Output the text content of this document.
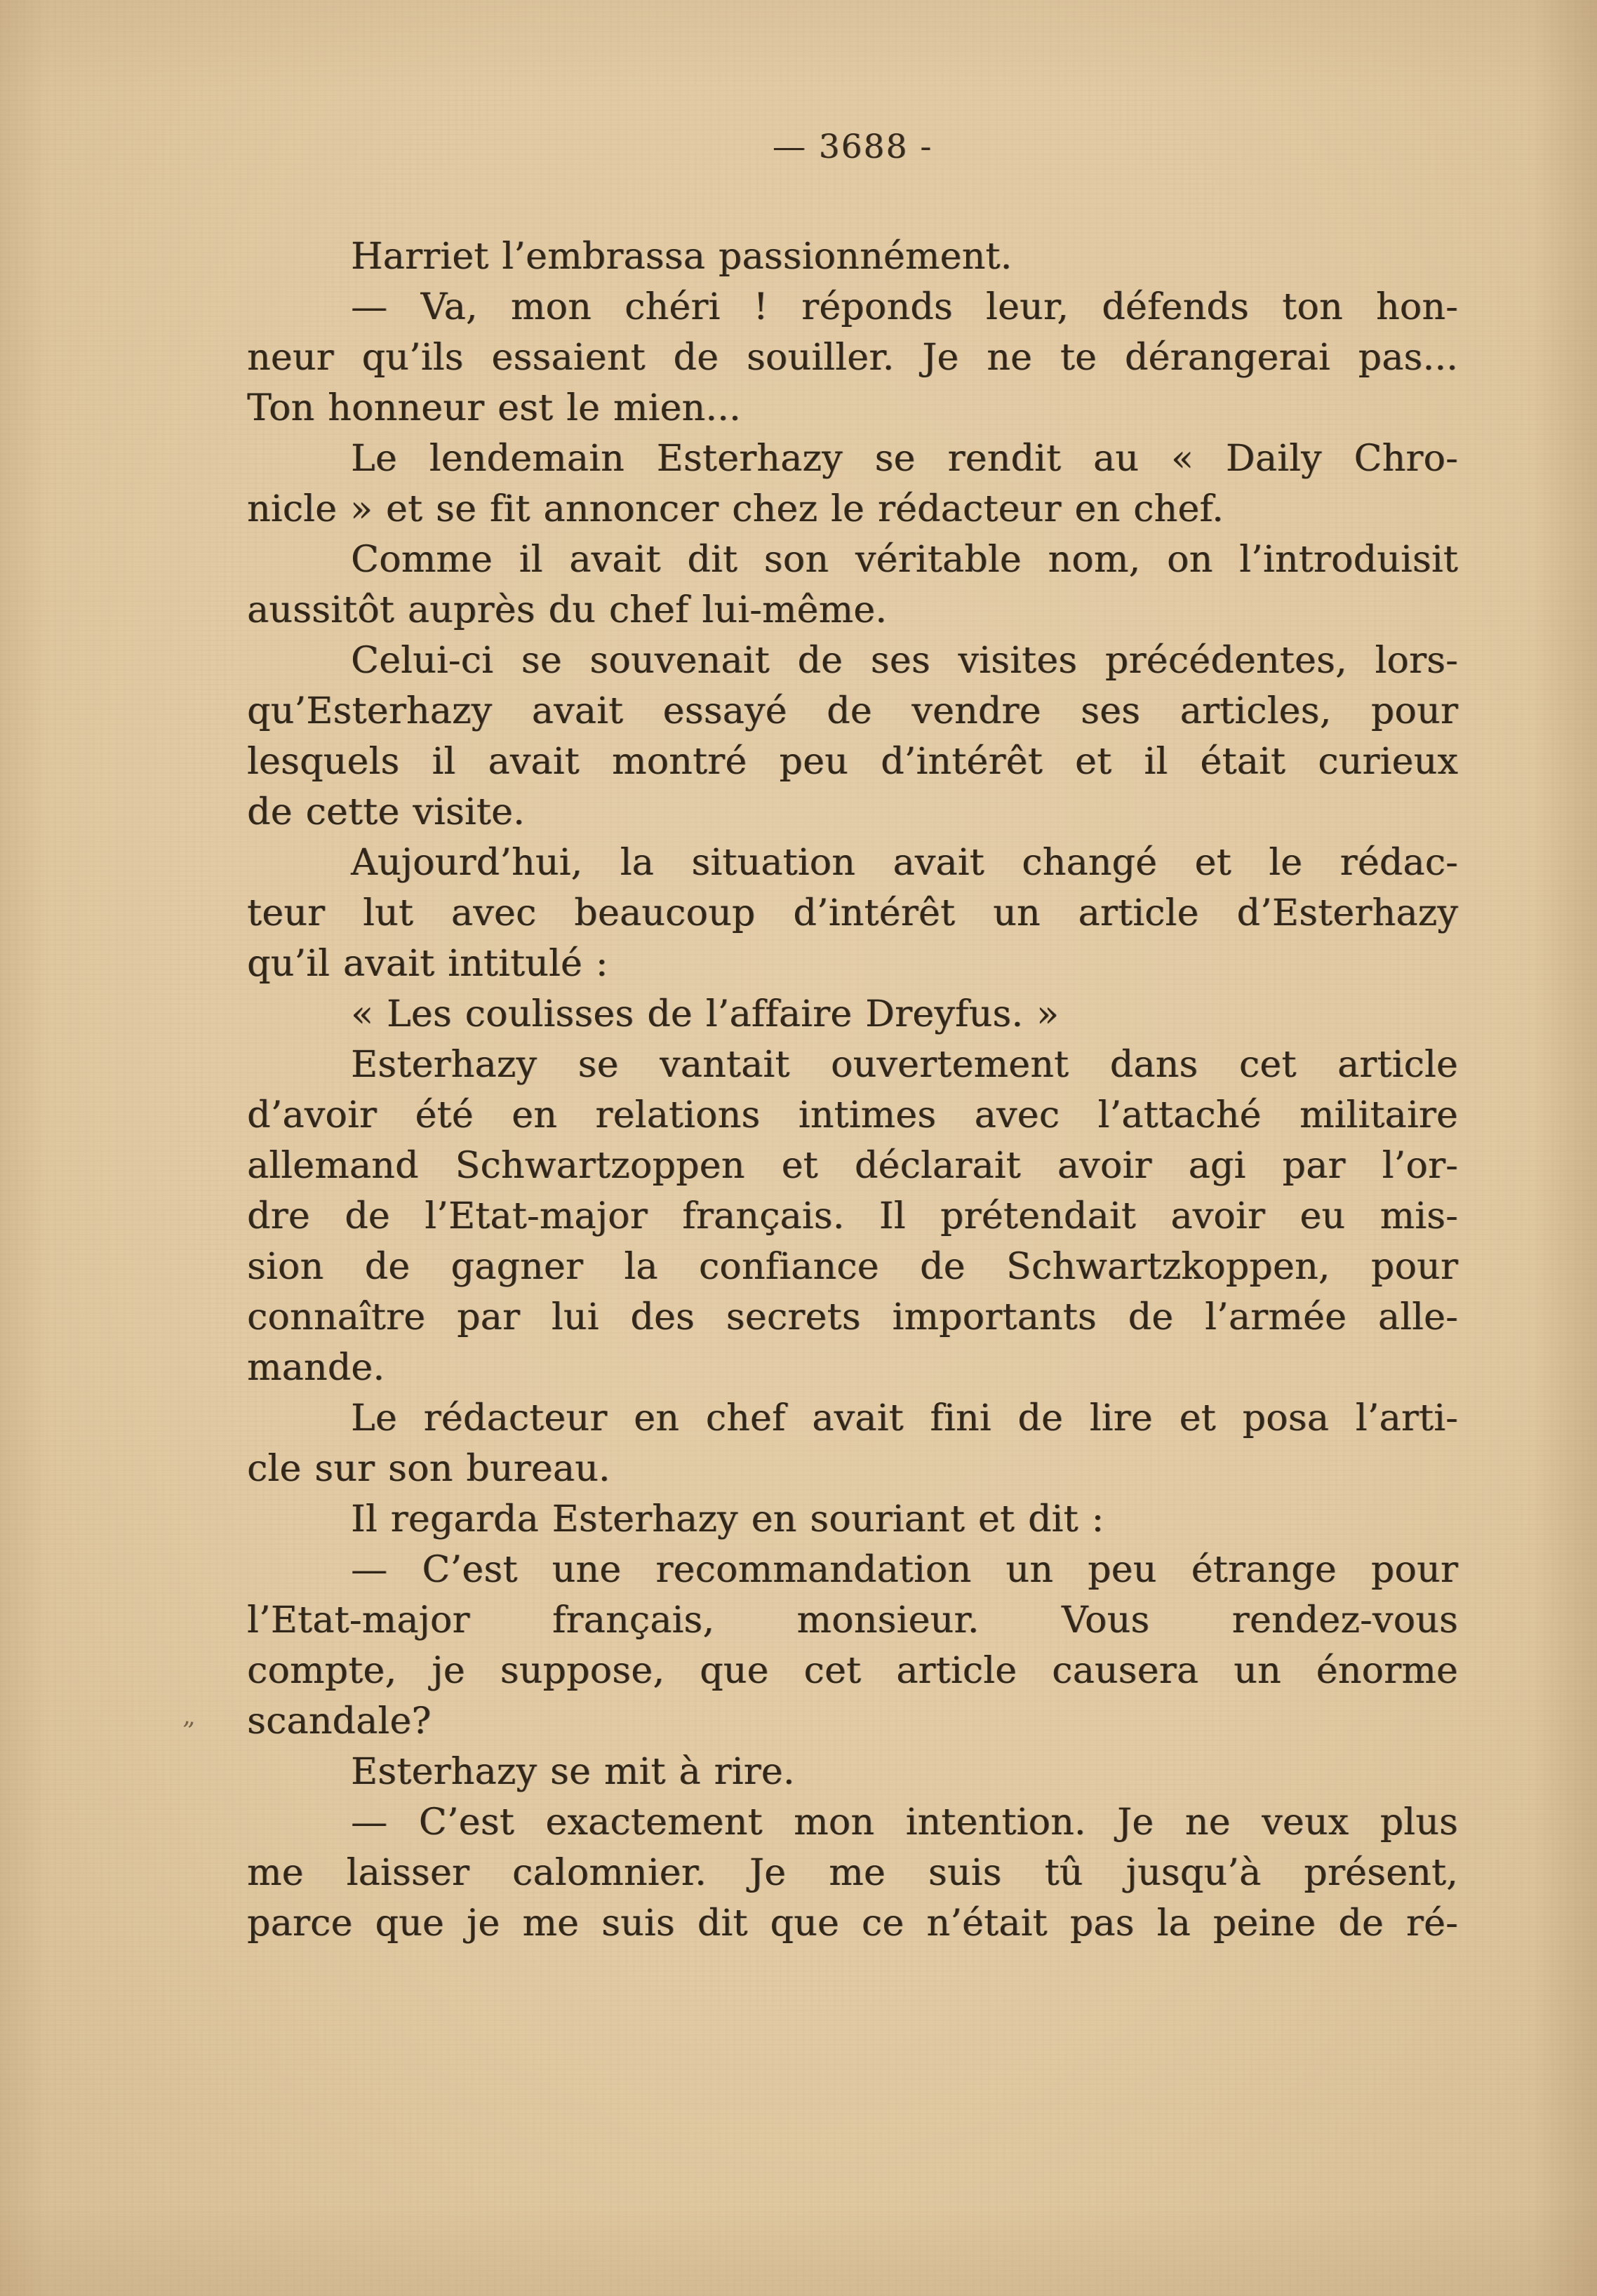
— 3688 -
”
Harriet l’embrassa passionnément.
— Va, mon chéri ! réponds leur, défends ton hon-
neur qu’ils essaient de souiller. Je ne te dérangerai pas...
Ton honneur est le mien...
Le lendemain Esterhazy se rendit au « Daily Chro-
nicle » et se fit annoncer chez le rédacteur en chef.
Comme il avait dit son véritable nom, on l’introduisit
aussitôt auprès du chef lui-même.
Celui-ci se souvenait de ses visites précédentes, lors-
qu’Esterhazy avait essayé de vendre ses articles, pour
lesquels il avait montré peu d’intérêt et il était curieux
de cette visite.
Aujourd’hui, la situation avait changé et le rédac-
teur lut avec beaucoup d’intérêt un article d’Esterhazy
qu’il avait intitulé :
« Les coulisses de l’affaire Dreyfus. »
Esterhazy se vantait ouvertement dans cet article
d’avoir été en relations intimes avec l’attaché militaire
allemand Schwartzoppen et déclarait avoir agi par l’or-
dre de l’Etat-major français. Il prétendait avoir eu mis-
sion de gagner la confiance de Schwartzkoppen, pour
connaître par lui des secrets importants de l’armée alle-
mande.
Le rédacteur en chef avait fini de lire et posa l’arti-
cle sur son bureau.
Il regarda Esterhazy en souriant et dit :
— C’est une recommandation un peu étrange pour
l’Etat-major français, monsieur. Vous rendez-vous
compte, je suppose, que cet article causera un énorme
scandale?
Esterhazy se mit à rire.
— C’est exactement mon intention. Je ne veux plus
me laisser calomnier. Je me suis tû jusqu’à présent,
parce que je me suis dit que ce n’était pas la peine de ré-
